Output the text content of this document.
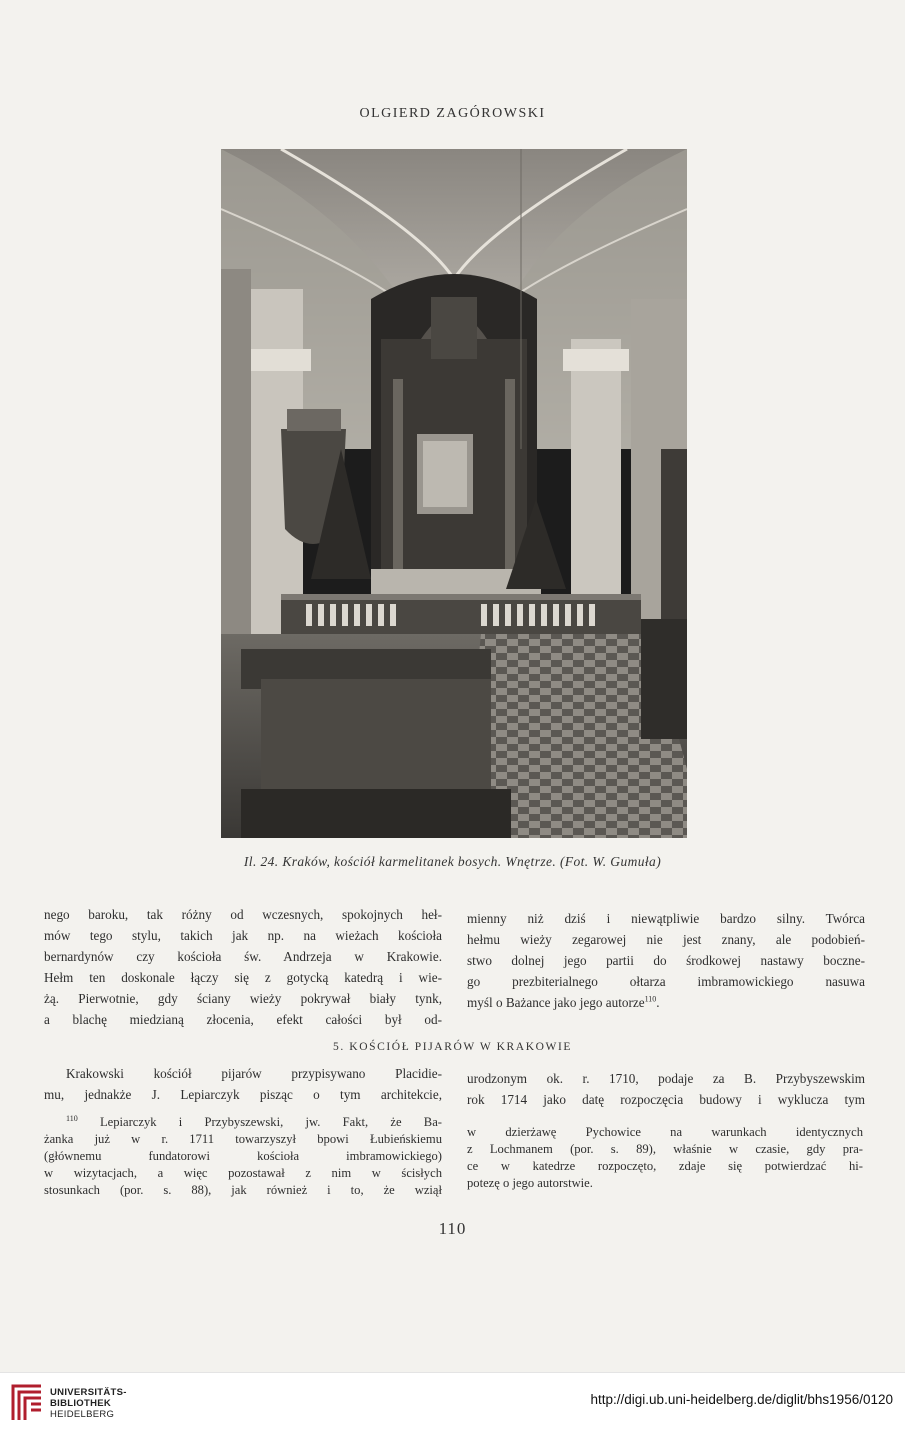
OLGIERD ZAGÓROWSKI
Il. 24. Kraków, kościół karmelitanek bosych. Wnętrze. (Fot. W. Gumuła)
nego baroku, tak różny od wczesnych, spokojnych heł-
mów tego stylu, takich jak np. na wieżach kościoła
bernardynów czy kościoła św. Andrzeja w Krakowie.
Hełm ten doskonale łączy się z gotycką katedrą i wie-
żą. Pierwotnie, gdy ściany wieży pokrywał biały tynk,
a blachę miedzianą złocenia, efekt całości był od-
mienny niż dziś i niewątpliwie bardzo silny. Twórca
hełmu wieży zegarowej nie jest znany, ale podobień-
stwo dolnej jego partii do środkowej nastawy boczne-
go prezbiterialnego ołtarza imbramowickiego nasuwa
myśl o Bażance jako jego autorze$^{110}$.
5. KOŚCIÓŁ PIJARÓW W KRAKOWIE
Krakowski kościół pijarów przypisywano Placidie-
mu, jednakże J. Lepiarczyk pisząc o tym architekcie,
urodzonym ok. r. 1710, podaje za B. Przybyszewskim
rok 1714 jako datę rozpoczęcia budowy i wyklucza tym
$^{110}$ Lepiarczyk i Przybyszewski, jw. Fakt, że Ba-
żanka już w r. 1711 towarzyszył bpowi Łubieńskiemu
(głównemu fundatorowi kościoła imbramowickiego)
w wizytacjach, a więc pozostawał z nim w ścisłych
stosunkach (por. s. 88), jak również i to, że wziął
w dzierżawę Pychowice na warunkach identycznych
z Lochmanem (por. s. 89), właśnie w czasie, gdy pra-
ce w katedrze rozpoczęto, zdaje się potwierdzać hi-
potezę o jego autorstwie.
110
UNIVERSITÄTS-
BIBLIOTHEK
HEIDELBERG
http://digi.ub.uni-heidelberg.de/diglit/bhs1956/0120
